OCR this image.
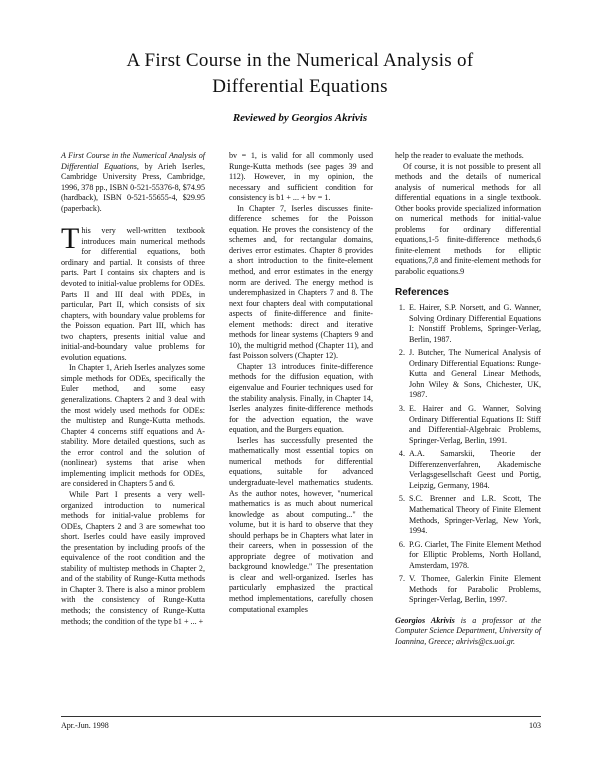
A First Course in the Numerical Analysis of
Differential Equations
Reviewed by Georgios Akrivis

A First Course in the Numerical Analysis of Differential Equations, by Arieh Iserles, Cambridge University Press, Cambridge, 1996, 378 pp., ISBN 0-521-55376-8, $74.95 (hardback), ISBN 0-521-55655-4, $29.95 (paperback).

This very well-written textbook introduces main numerical methods for differential equations, both ordinary and partial. It consists of three parts. Part I contains six chapters and is devoted to initial-value problems for ODEs. Parts II and III deal with PDEs, in particular, Part II, which consists of six chapters, with boundary value problems for the Poisson equation. Part III, which has two chapters, presents initial value and initial-and-boundary value problems for evolution equations.

In Chapter 1, Arieh Iserles analyzes some simple methods for ODEs, specifically the Euler method, and some easy generalizations. Chapters 2 and 3 deal with the most widely used methods for ODEs: the multistep and Runge-Kutta methods. Chapter 4 concerns stiff equations and A-stability. More detailed questions, such as the error control and the solution of (nonlinear) systems that arise when implementing implicit methods for ODEs, are considered in Chapters 5 and 6.

While Part I presents a very well-organized introduction to numerical methods for initial-value problems for ODEs, Chapters 2 and 3 are somewhat too short. Iserles could have easily improved the presentation by including proofs of the equivalence of the root condition and the stability of multistep methods in Chapter 2, and of the stability of Runge-Kutta methods in Chapter 3. There is also a minor problem with the consistency of Runge-Kutta methods; the consistency of Runge-Kutta methods; the condition of the type b1 + ... +

bv = 1, is valid for all commonly used Runge-Kutta methods (see pages 39 and 112). However, in my opinion, the necessary and sufficient condition for consistency is b1 + ... + bv = 1.

In Chapter 7, Iserles discusses finite-difference schemes for the Poisson equation. He proves the consistency of the schemes and, for rectangular domains, derives error estimates. Chapter 8 provides a short introduction to the finite-element method, and error estimates in the energy norm are derived. The energy method is underemphasized in Chapters 7 and 8. The next four chapters deal with computational aspects of finite-difference and finite-element methods: direct and iterative methods for linear systems (Chapters 9 and 10), the multigrid method (Chapter 11), and fast Poisson solvers (Chapter 12).

Chapter 13 introduces finite-difference methods for the diffusion equation, with eigenvalue and Fourier techniques used for the stability analysis. Finally, in Chapter 14, Iserles analyzes finite-difference methods for the advection equation, the wave equation, and the Burgers equation.

Iserles has successfully presented the mathematically most essential topics on numerical methods for differential equations, suitable for advanced undergraduate-level mathematics students. As the author notes, however, "numerical mathematics is as much about numerical knowledge as about computing..." the volume, but it is hard to observe that they should perhaps be in Chapters what later in their careers, when in possession of the appropriate degree of motivation and background knowledge." The presentation is clear and well-organized. Iserles has particularly emphasized the practical method implementations, carefully chosen computational examples

help the reader to evaluate the methods.

Of course, it is not possible to present all methods and the details of numerical analysis of numerical methods for all differential equations in a single textbook. Other books provide specialized information on numerical methods for initial-value problems for ordinary differential equations,1-5 finite-difference methods,6 finite-element methods for elliptic equations,7,8 and finite-element methods for parabolic equations.9

References
1. E. Hairer, S.P. Norsett, and G. Wanner, Solving Ordinary Differential Equations I: Nonstiff Problems, Springer-Verlag, Berlin, 1987.
2. J. Butcher, The Numerical Analysis of Ordinary Differential Equations: Runge-Kutta and General Linear Methods, John Wiley & Sons, Chichester, UK, 1987.
3. E. Hairer and G. Wanner, Solving Ordinary Differential Equations II: Stiff and Differential-Algebraic Problems, Springer-Verlag, Berlin, 1991.
4. A.A. Samarskii, Theorie der Differenzenverfahren, Akademische Verlagsgesellschaft Geest und Portig, Leipzig, Germany, 1984.
5. S.C. Brenner and L.R. Scott, The Mathematical Theory of Finite Element Methods, Springer-Verlag, New York, 1994.
6. P.G. Ciarlet, The Finite Element Method for Elliptic Problems, North Holland, Amsterdam, 1978.
7. V. Thomee, Galerkin Finite Element Methods for Parabolic Problems, Springer-Verlag, Berlin, 1997.

Georgios Akrivis is a professor at the Computer Science Department, University of Ioannina, Greece; akrivis@cs.uoi.gr.

Apr.-Jun. 1998	103
